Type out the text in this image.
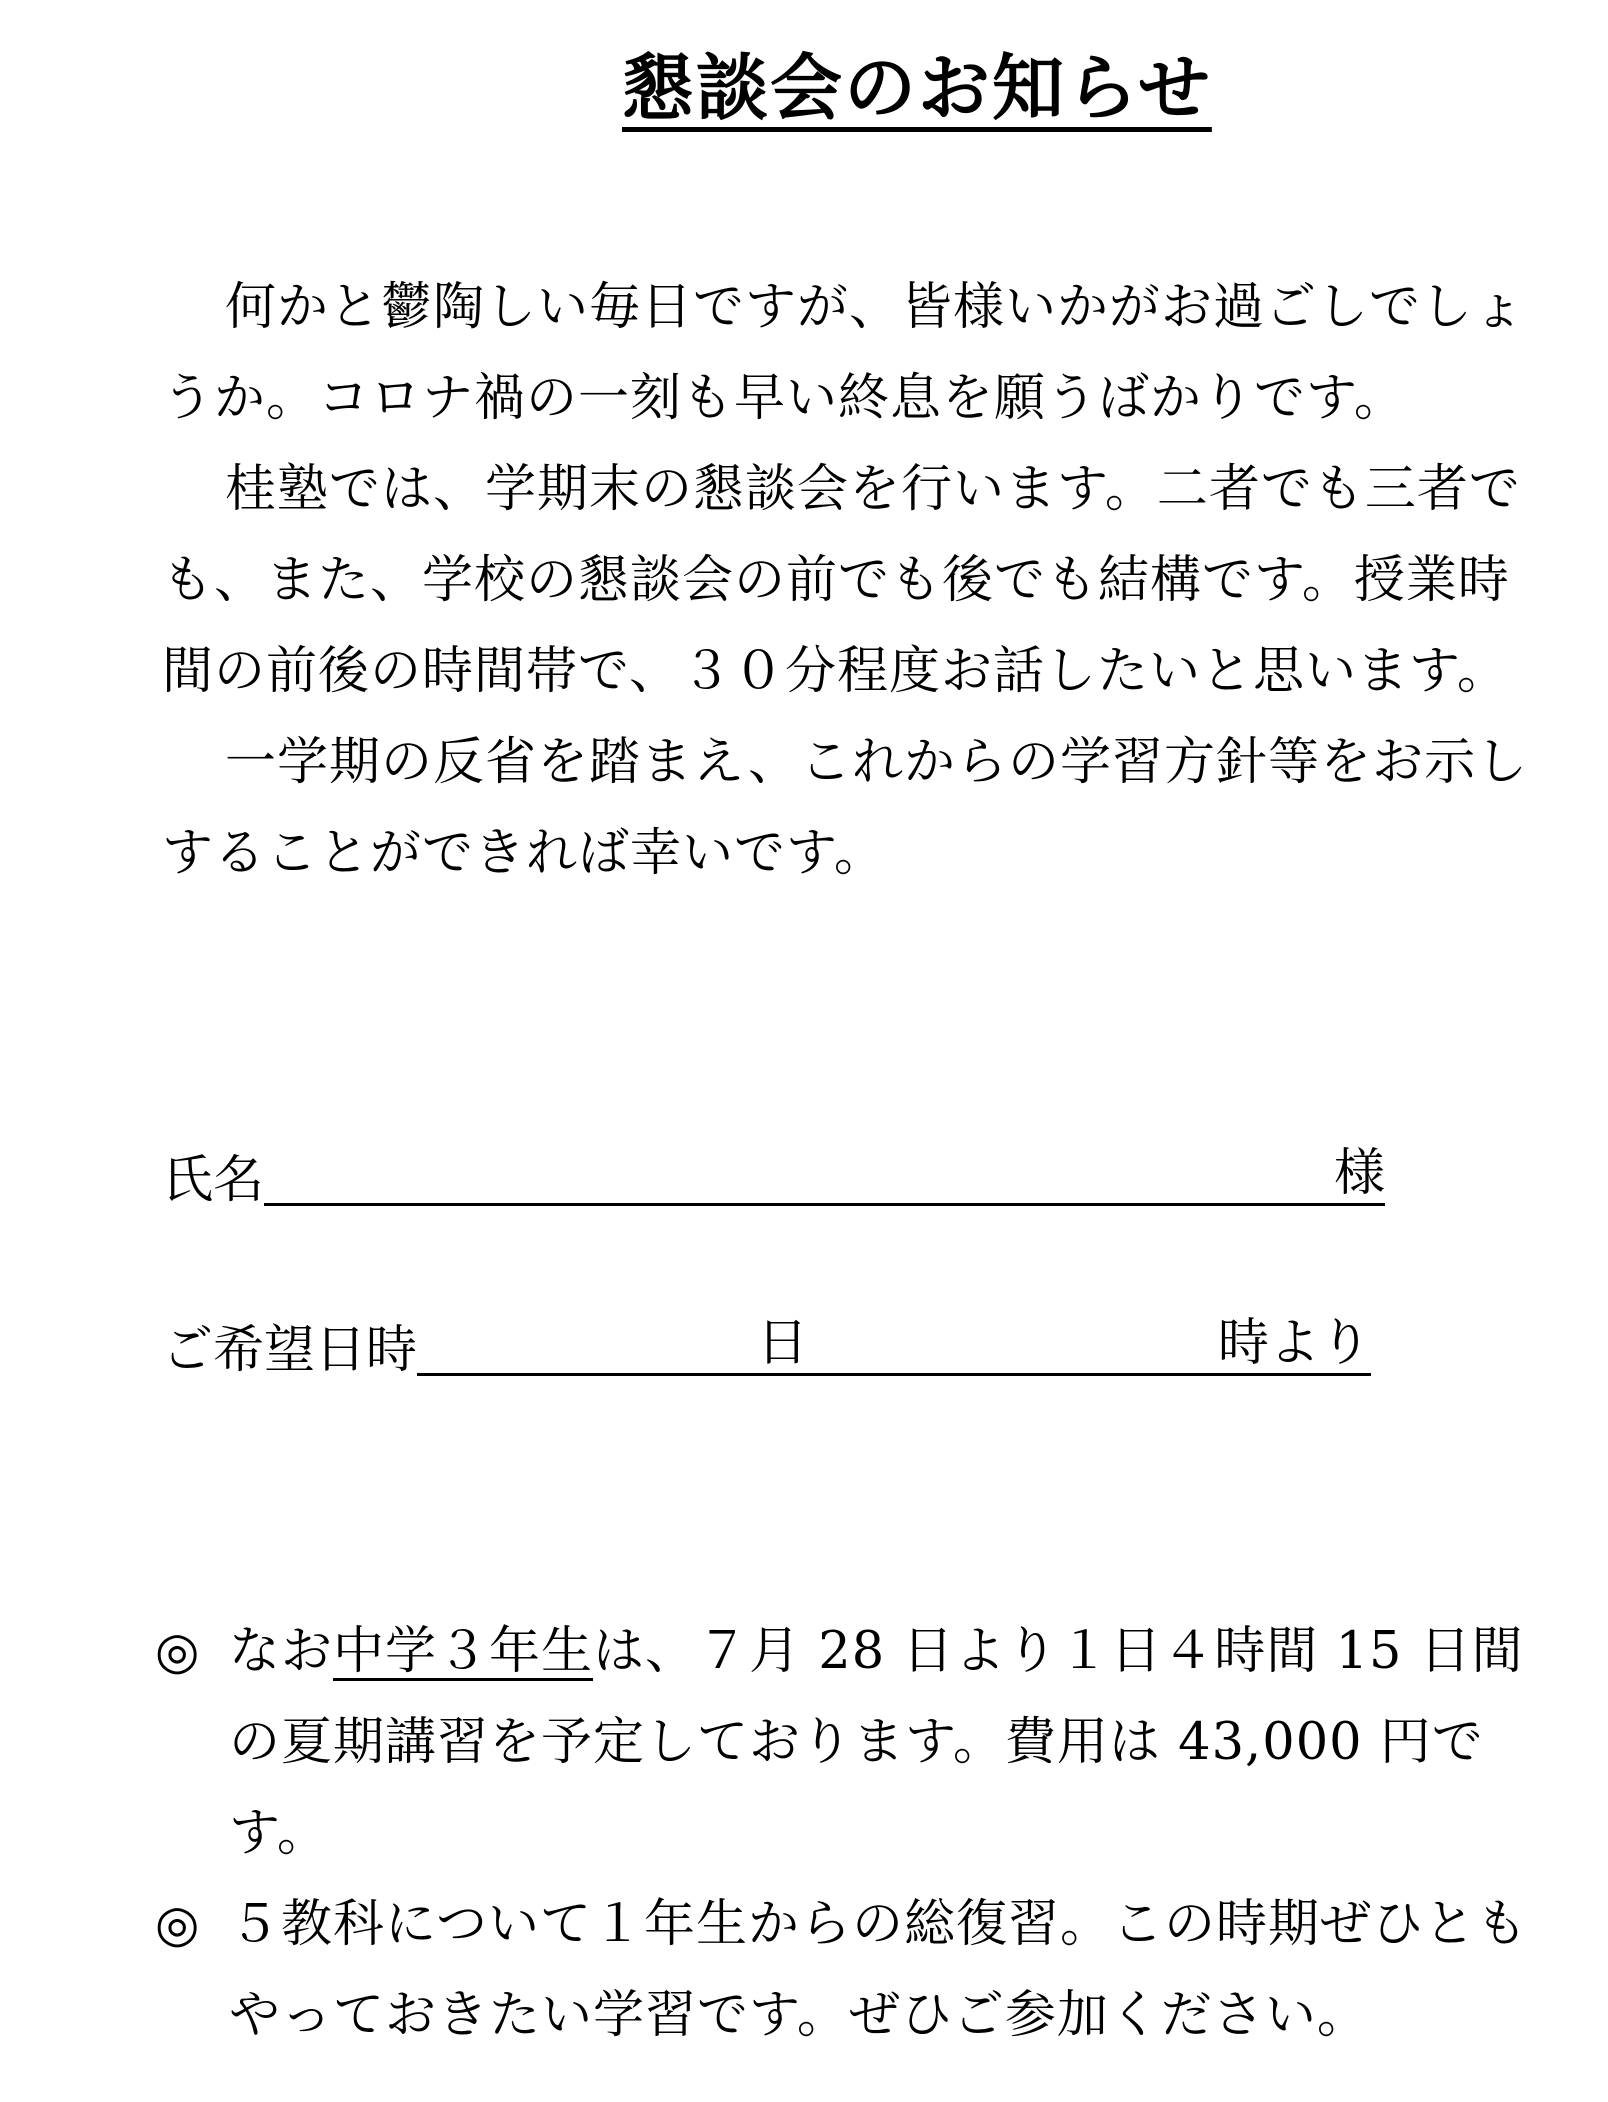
懇談会のお知らせ

何かと鬱陶しい毎日ですが、皆様いかがお過ごしでしょうか。コロナ禍の一刻も早い終息を願うばかりです。

桂塾では、学期末の懇談会を行います。二者でも三者でも、また、学校の懇談会の前でも後でも結構です。授業時間の前後の時間帯で、３０分程度お話したいと思います。

一学期の反省を踏まえ、これからの学習方針等をお示しすることができれば幸いです。

氏名	様
ご希望日時	日	時より

◎ なお中学３年生は、７月 28 日より１日４時間 15 日間の夏期講習を予定しております。費用は 43,000 円です。

◎ ５教科について１年生からの総復習。この時期ぜひともやっておきたい学習です。ぜひご参加ください。
